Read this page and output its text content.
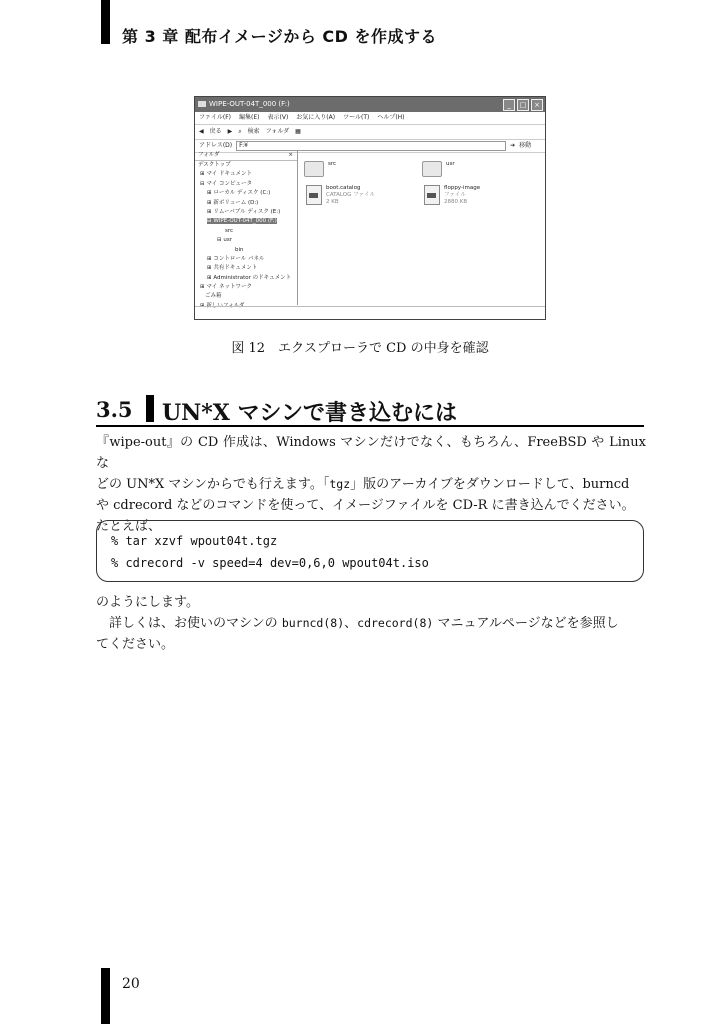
第 3 章 配布イメージから CD を作成する
WIPE-OUT-04T_000 (F:)	_	□	×
ファイル(F) 編集(E) 表示(V) お気に入り(A) ツール(T) ヘルプ(H)
◀ 戻る ▶ ⌕ 検索 フォルダ ▦
アドレス(D)	F:¥	➔ 移動
フォルダ	×
デスクトップ
⊞ マイ ドキュメント
⊟ マイ コンピュータ
⊞ ローカル ディスク (C:)
⊞ 新ボリューム (D:)
⊞ リムーバブル ディスク (E:)
⊟ WIPE-OUT-04T_000 (F:)
src
⊟ usr
bin
⊞ コントロール パネル
⊞ 共有ドキュメント
⊞ Administrator のドキュメント
⊞ マイ ネットワーク
ごみ箱
⊞ 新しいフォルダ
src	usr
boot.catalog
CATALOG ファイル
2 KB
floppy-image
ファイル
2880 KB
図 12　エクスプローラで CD の中身を確認
3.5 UN*X マシンで書き込むには
『wipe-out』の CD 作成は、Windows マシンだけでなく、もちろん、FreeBSD や Linux な
どの UN*X マシンからでも行えます。「tgz」版のアーカイブをダウンロードして、burncd
や cdrecord などのコマンドを使って、イメージファイルを CD-R に書き込んでください。
たとえば、
% tar xzvf wpout04t.tgz
% cdrecord -v speed=4 dev=0,6,0 wpout04t.iso
のようにします。
　詳しくは、お使いのマシンの burncd(8)、cdrecord(8) マニュアルページなどを参照し
てください。
20
